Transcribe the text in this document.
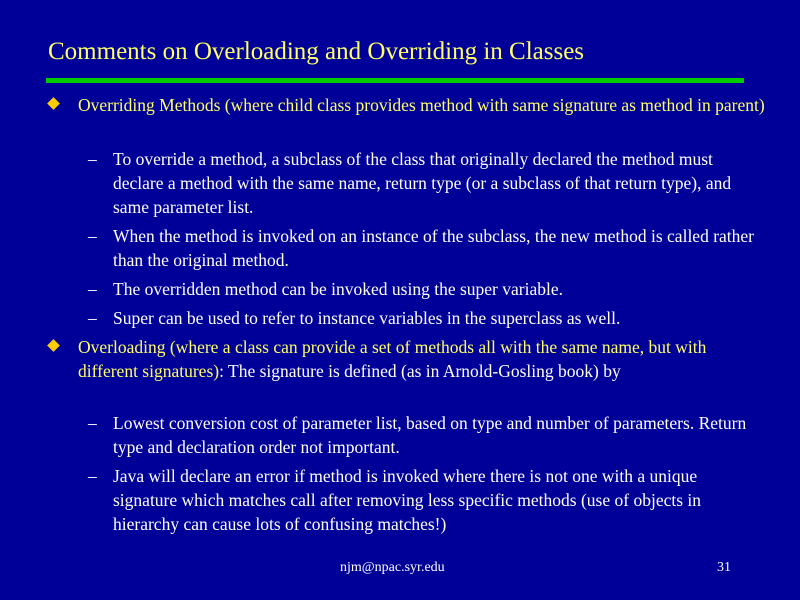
Comments on Overloading and Overriding in Classes
Overriding Methods (where child class provides method with same signature as method in parent)
– To override a method, a subclass of the class that originally declared the method must declare a method with the same name, return type (or a subclass of that return type), and same parameter list.
– When the method is invoked on an instance of the subclass, the new method is called rather than the original method.
– The overridden method can be invoked using the super variable.
– Super can be used to refer to instance variables in the superclass as well.
Overloading (where a class can provide a set of methods all with the same name, but with different signatures): The signature is defined (as in Arnold-Gosling book) by
– Lowest conversion cost of parameter list, based on type and number of parameters. Return type and declaration order not important.
– Java will declare an error if method is invoked where there is not one with a unique signature which matches call after removing less specific methods (use of objects in hierarchy can cause lots of confusing matches!)
njm@npac.syr.edu	31
